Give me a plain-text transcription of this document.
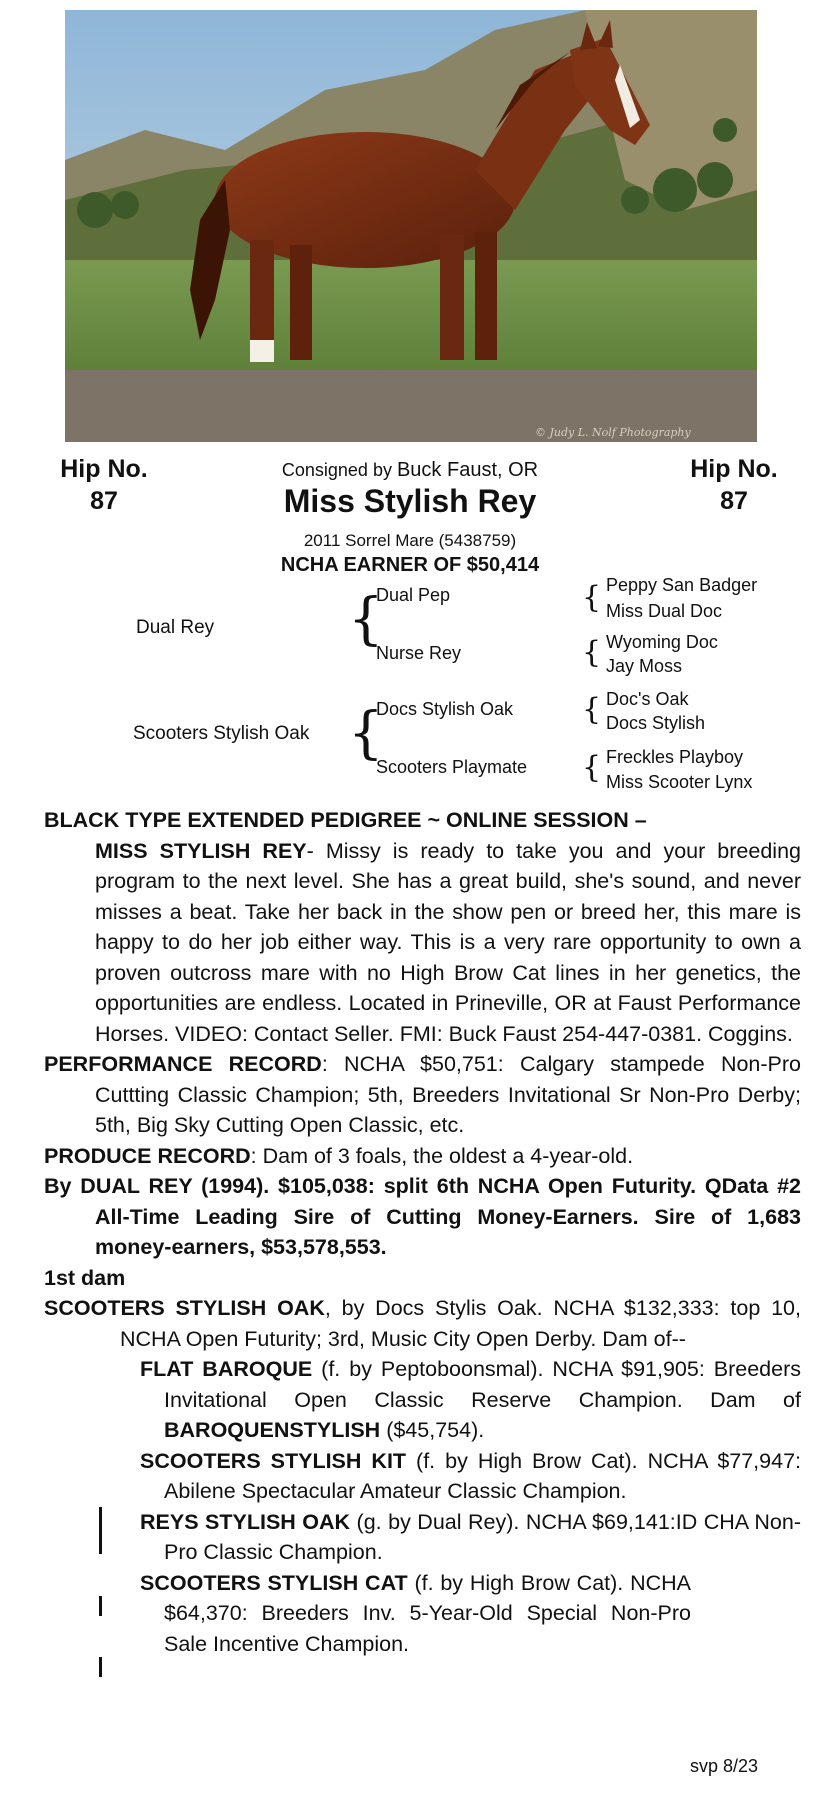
© Judy L. Nolf Photography
Hip No.
87
Hip No.
87
Consigned by Buck Faust, OR
Miss Stylish Rey
2011 Sorrel Mare (5438759)
NCHA EARNER OF $50,414
Dual Rey {
Dual Pep	{ Peppy San Badger
Miss Dual Doc
Nurse Rey	{ Wyoming Doc
Jay Moss
Scooters Stylish Oak {
Docs Stylish Oak { Doc's Oak
Docs Stylish
Scooters Playmate { Freckles Playboy
Miss Scooter Lynx

BLACK TYPE EXTENDED PEDIGREE ~ ONLINE SESSION –

MISS STYLISH REY- Missy is ready to take you and your breeding program to the next level. She has a great build, she's sound, and never misses a beat. Take her back in the show pen or breed her, this mare is happy to do her job either way. This is a very rare opportunity to own a proven outcross mare with no High Brow Cat lines in her genetics, the opportunities are endless. Located in Prineville, OR at Faust Performance Horses. VIDEO: Contact Seller. FMI: Buck Faust 254-447-0381. Coggins.

PERFORMANCE RECORD: NCHA $50,751: Calgary stampede Non-Pro Cuttting Classic Champion; 5th, Breeders Invitational Sr Non-Pro Derby; 5th, Big Sky Cutting Open Classic, etc.

PRODUCE RECORD: Dam of 3 foals, the oldest a 4-year-old.

By DUAL REY (1994). $105,038: split 6th NCHA Open Futurity. QData #2 All-Time Leading Sire of Cutting Money-Earners. Sire of 1,683 money-earners, $53,578,553.

1st dam

SCOOTERS STYLISH OAK, by Docs Stylis Oak. NCHA $132,333: top 10, NCHA Open Futurity; 3rd, Music City Open Derby. Dam of--

FLAT BAROQUE (f. by Peptoboonsmal). NCHA $91,905: Breeders Invitational Open Classic Reserve Champion. Dam of BAROQUENSTYLISH ($45,754).

SCOOTERS STYLISH KIT (f. by High Brow Cat). NCHA $77,947: Abilene Spectacular Amateur Classic Champion.

REYS STYLISH OAK (g. by Dual Rey). NCHA $69,141:ID CHA Non-Pro Classic Champion.

SCOOTERS STYLISH CAT (f. by High Brow Cat). NCHA $64,370: Breeders Inv. 5-Year-Old Special Non-Pro Sale Incentive Champion.

svp 8/23
